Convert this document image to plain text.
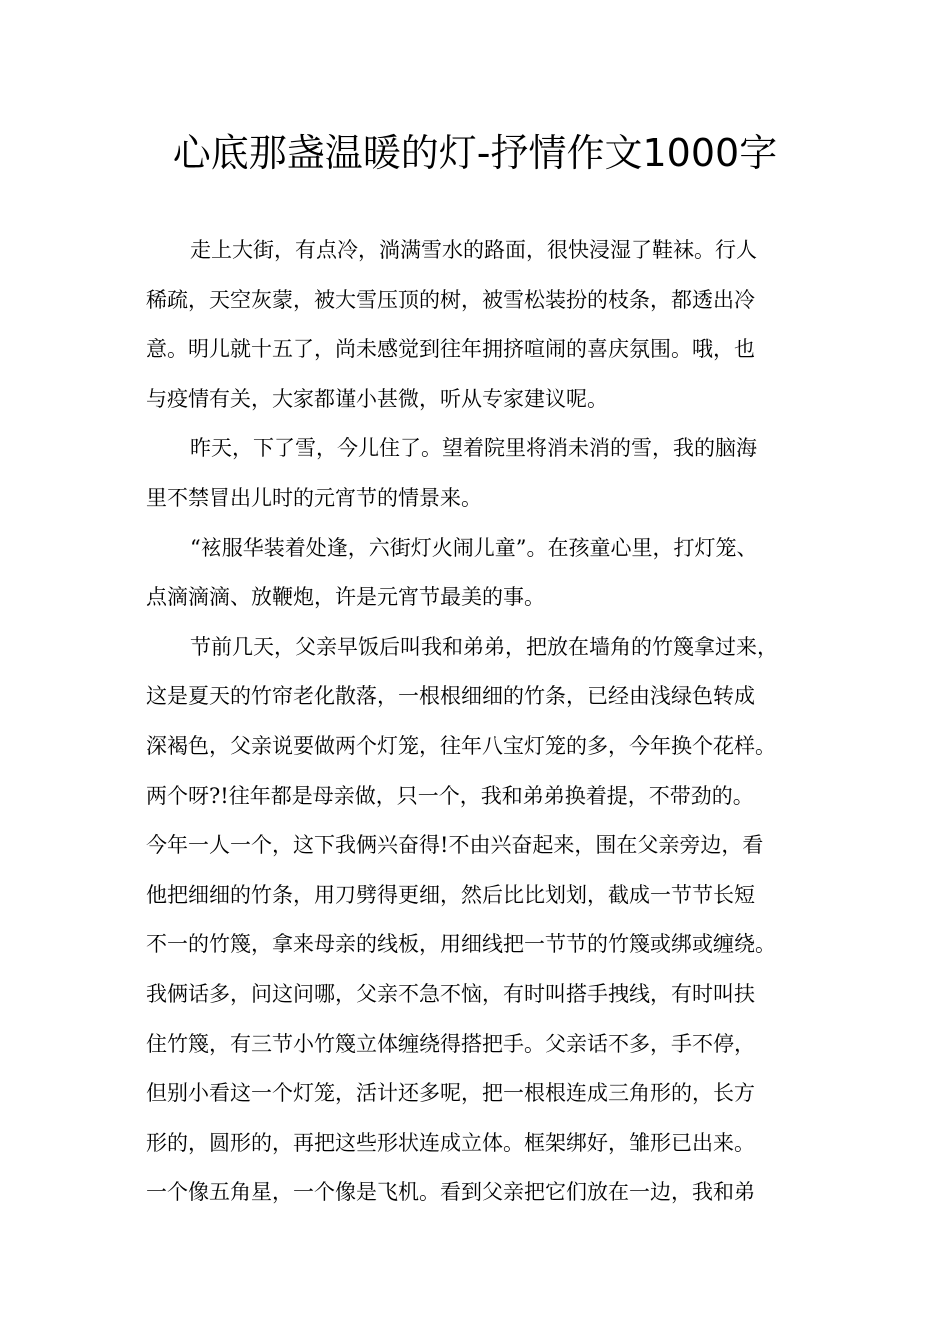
心底那盏温暖的灯-抒情作文1000字
走上大街，有点冷，淌满雪水的路面，很快浸湿了鞋袜。行人
稀疏，天空灰蒙，被大雪压顶的树，被雪松装扮的枝条，都透出冷
意。明儿就十五了，尚未感觉到往年拥挤喧闹的喜庆氛围。哦，也
与疫情有关，大家都谨小甚微，听从专家建议呢。
昨天，下了雪，今儿住了。望着院里将消未消的雪，我的脑海
里不禁冒出儿时的元宵节的情景来。
“袨服华装着处逢，六街灯火闹儿童”。在孩童心里，打灯笼、
点滴滴滴、放鞭炮，许是元宵节最美的事。
节前几天，父亲早饭后叫我和弟弟，把放在墙角的竹篾拿过来，
这是夏天的竹帘老化散落，一根根细细的竹条，已经由浅绿色转成
深褐色，父亲说要做两个灯笼，往年八宝灯笼的多，今年换个花样。
两个呀?!往年都是母亲做，只一个，我和弟弟换着提，不带劲的。
今年一人一个，这下我俩兴奋得!不由兴奋起来，围在父亲旁边，看
他把细细的竹条，用刀劈得更细，然后比比划划，截成一节节长短
不一的竹篾，拿来母亲的线板，用细线把一节节的竹篾或绑或缠绕。
我俩话多，问这问哪，父亲不急不恼，有时叫搭手拽线，有时叫扶
住竹篾，有三节小竹篾立体缠绕得搭把手。父亲话不多，手不停，
但别小看这一个灯笼，活计还多呢，把一根根连成三角形的，长方
形的，圆形的，再把这些形状连成立体。框架绑好，雏形已出来。
一个像五角星，一个像是飞机。看到父亲把它们放在一边，我和弟
